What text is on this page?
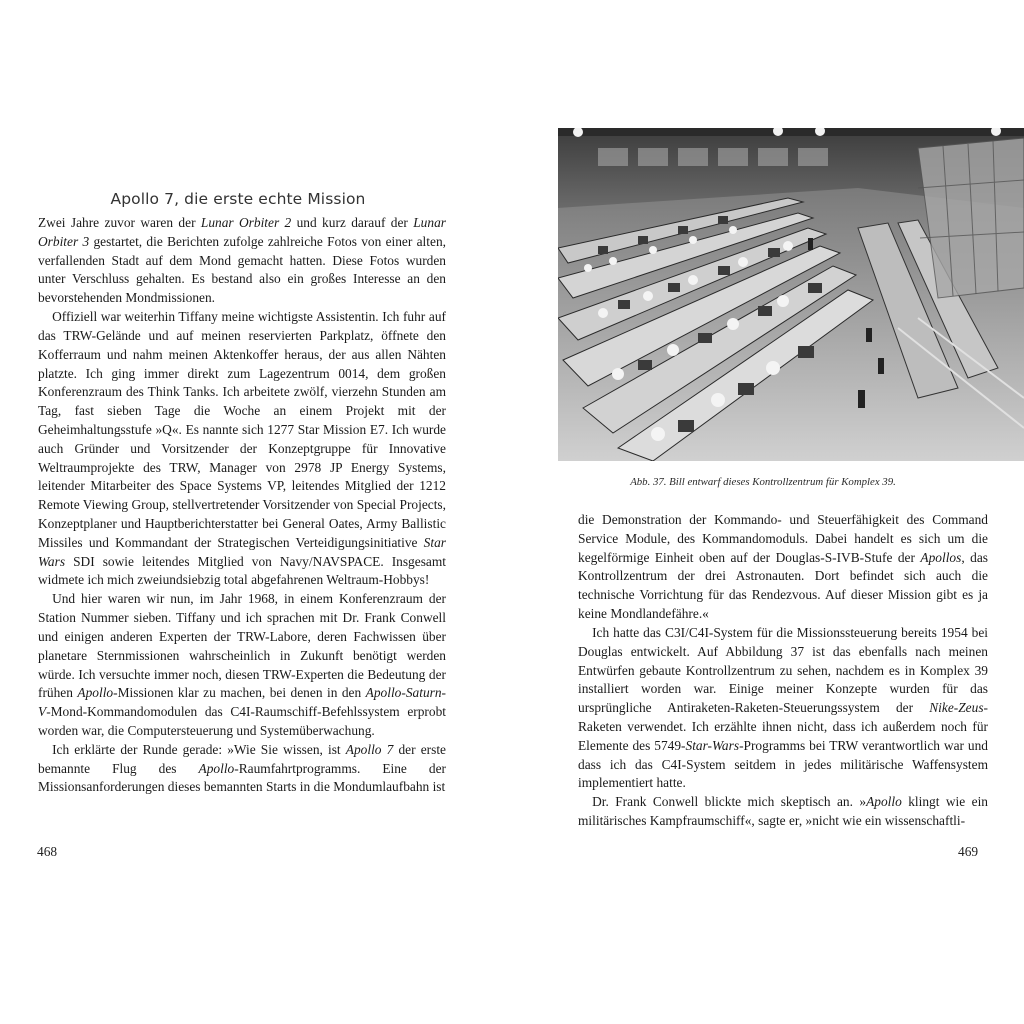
Apollo 7, die erste echte Mission

Zwei Jahre zuvor waren der Lunar Orbiter 2 und kurz darauf der Lunar Orbiter 3 gestartet, die Berichten zufolge zahlreiche Fotos von einer alten, verfallenden Stadt auf dem Mond gemacht hatten. Diese Fotos wurden unter Verschluss gehalten. Es bestand also ein großes Interesse an den bevorstehenden Mondmissionen.

Offiziell war weiterhin Tiffany meine wichtigste Assistentin. Ich fuhr auf das TRW-Gelände und auf meinen reservierten Parkplatz, öffnete den Kofferraum und nahm meinen Aktenkoffer heraus, der aus allen Nähten platzte. Ich ging immer direkt zum Lagezentrum 0014, dem großen Konferenzraum des Think Tanks. Ich arbeitete zwölf, vierzehn Stunden am Tag, fast sieben Tage die Woche an einem Projekt mit der Geheimhaltungsstufe »Q«. Es nannte sich 1277 Star Mission E7. Ich wurde auch Gründer und Vorsitzender der Konzeptgruppe für Innovative Weltraumprojekte des TRW, Manager von 2978 JP Energy Systems, leitender Mitarbeiter des Space Systems VP, leitendes Mitglied der 1212 Remote Viewing Group, stellvertretender Vorsitzender von Special Projects, Konzeptplaner und Hauptberichterstatter bei General Oates, Army Ballistic Missiles und Kommandant der Strategischen Verteidigungsinitiative Star Wars SDI sowie leitendes Mitglied von Navy/NAVSPACE. Insgesamt widmete ich mich zweiundsiebzig total abgefahrenen Weltraum-Hobbys!

Und hier waren wir nun, im Jahr 1968, in einem Konferenzraum der Station Nummer sieben. Tiffany und ich sprachen mit Dr. Frank Conwell und einigen anderen Experten der TRW-Labore, deren Fachwissen über planetare Sternmissionen wahrscheinlich in Zukunft benötigt werden würde. Ich versuchte immer noch, diesen TRW-Experten die Bedeutung der frühen Apollo-Missionen klar zu machen, bei denen in den Apollo-Saturn-V-Mond-Kommandomodulen das C4I-Raumschiff-Befehlssystem erprobt worden war, die Computersteuerung und Systemüberwachung.

Ich erklärte der Runde gerade: »Wie Sie wissen, ist Apollo 7 der erste bemannte Flug des Apollo-Raumfahrtprogramms. Eine der Missionsanforderungen dieses bemannten Starts in die Mondumlaufbahn ist

468
Abb. 37. Bill entwarf dieses Kontrollzentrum für Komplex 39.

die Demonstration der Kommando- und Steuerfähigkeit des Command Service Module, des Kommandomoduls. Dabei handelt es sich um die kegelförmige Einheit oben auf der Douglas-S-IVB-Stufe der Apollos, das Kontrollzentrum der drei Astronauten. Dort befindet sich auch die technische Vorrichtung für das Rendezvous. Auf dieser Mission gibt es ja keine Mondlandefähre.«

Ich hatte das C3I/C4I-System für die Missionssteuerung bereits 1954 bei Douglas entwickelt. Auf Abbildung 37 ist das ebenfalls nach meinen Entwürfen gebaute Kontrollzentrum zu sehen, nachdem es in Komplex 39 installiert worden war. Einige meiner Konzepte wurden für das ursprüngliche Antiraketen-Raketen-Steuerungssystem der Nike-Zeus-Raketen verwendet. Ich erzählte ihnen nicht, dass ich außerdem noch für Elemente des 5749-Star-Wars-Programms bei TRW verantwortlich war und dass ich das C4I-System seitdem in jedes militärische Waffensystem implementiert hatte.

Dr. Frank Conwell blickte mich skeptisch an. »Apollo klingt wie ein militärisches Kampfraumschiff«, sagte er, »nicht wie ein wissenschaftli-

469
